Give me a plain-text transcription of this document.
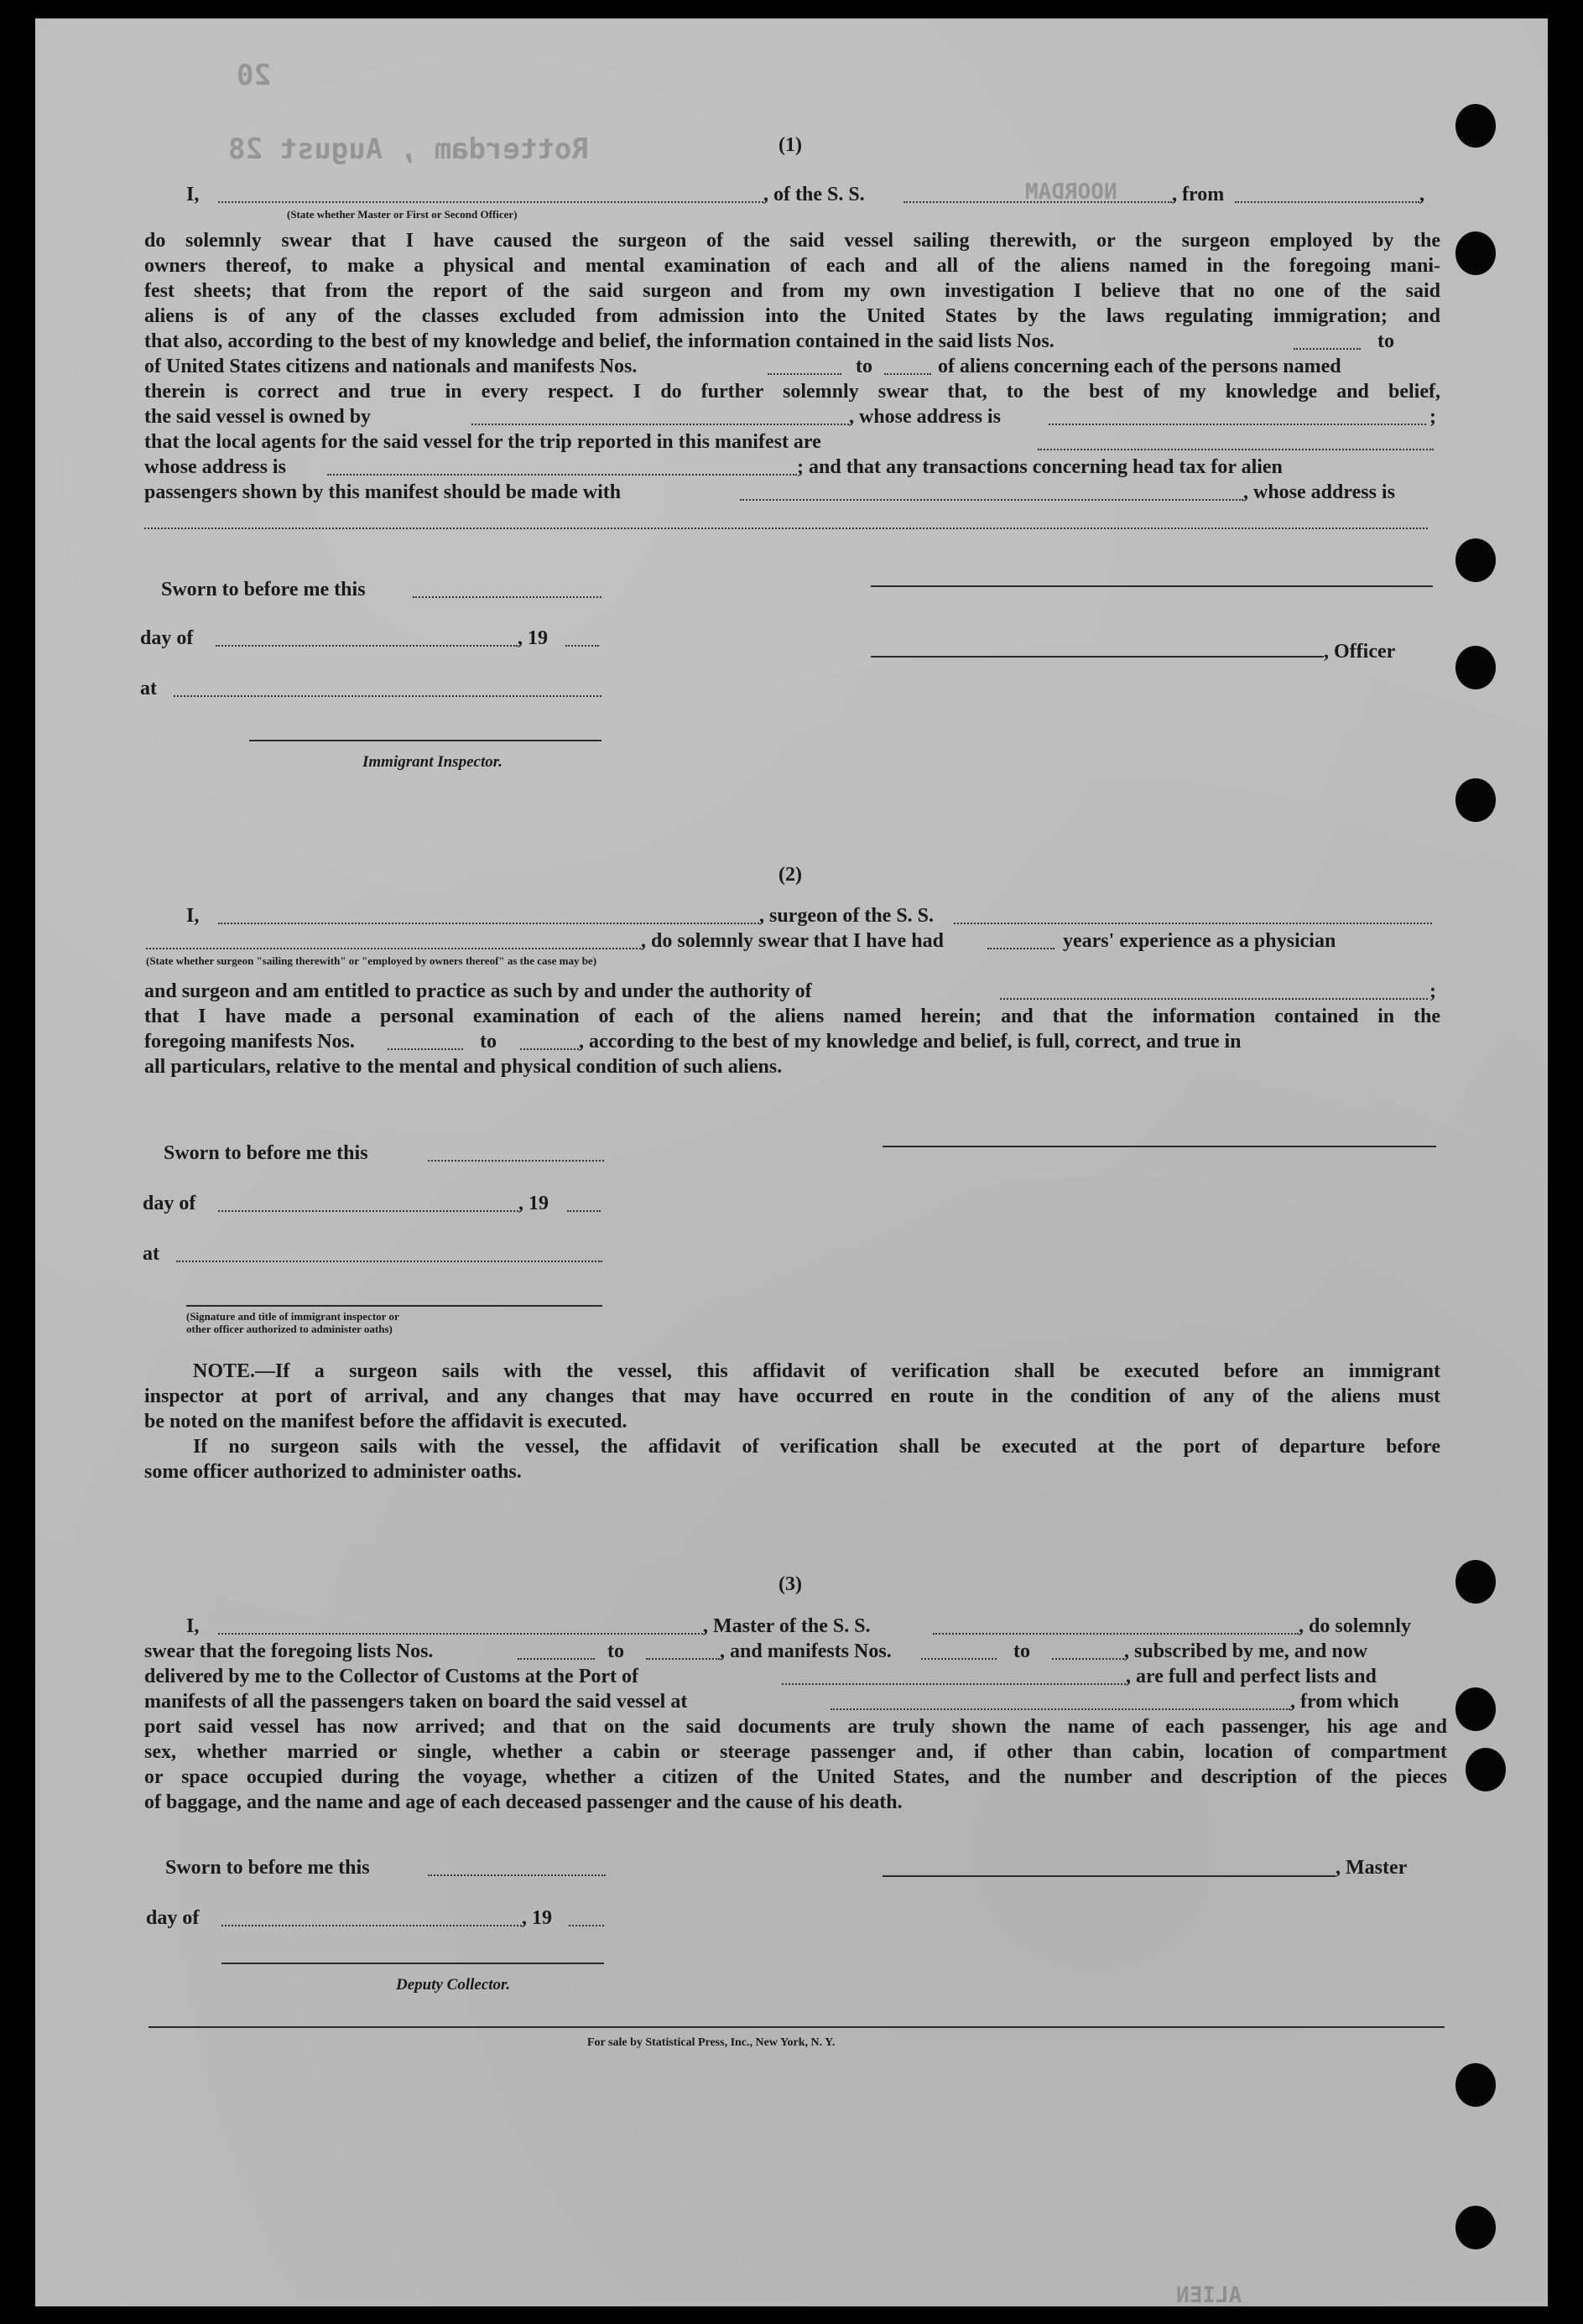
20
Rotterdam , August 28
NOORDAM
(1)
I,	, of the S. S.	, from	,
(State whether Master or First or Second Officer)
do solemnly swear that I have caused the surgeon of the said vessel sailing therewith, or the surgeon employed by the
owners thereof, to make a physical and mental examination of each and all of the aliens named in the foregoing mani-
fest sheets; that from the report of the said surgeon and from my own investigation I believe that no one of the said
aliens is of any of the classes excluded from admission into the United States by the laws regulating immigration; and
that also, according to the best of my knowledge and belief, the information contained in the said lists Nos.	to
of United States citizens and nationals and manifests Nos.	to	of aliens concerning each of the persons named
therein is correct and true in every respect. I do further solemnly swear that, to the best of my knowledge and belief,
the said vessel is owned by	, whose address is	;
that the local agents for the said vessel for the trip reported in this manifest are
whose address is	; and that any transactions concerning head tax for alien
passengers shown by this manifest should be made with	, whose address is
Sworn to before me this
day of	, 19
at
Immigrant Inspector.
, Officer
(2)
I,	, surgeon of the S. S.
, do solemnly swear that I have had	years' experience as a physician
(State whether surgeon "sailing therewith" or "employed by owners thereof" as the case may be)
and surgeon and am entitled to practice as such by and under the authority of	;
that I have made a personal examination of each of the aliens named herein; and that the information contained in the
foregoing manifests Nos.	to	, according to the best of my knowledge and belief, is full, correct, and true in
all particulars, relative to the mental and physical condition of such aliens.
Sworn to before me this
day of	, 19
at
(Signature and title of immigrant inspector or
other officer authorized to administer oaths)
NOTE.—If a surgeon sails with the vessel, this affidavit of verification shall be executed before an immigrant
inspector at port of arrival, and any changes that may have occurred en route in the condition of any of the aliens must
be noted on the manifest before the affidavit is executed.
If no surgeon sails with the vessel, the affidavit of verification shall be executed at the port of departure before
some officer authorized to administer oaths.
(3)
I,	, Master of the S. S.	, do solemnly
swear that the foregoing lists Nos.	to	, and manifests Nos.	to	, subscribed by me, and now
delivered by me to the Collector of Customs at the Port of	, are full and perfect lists and
manifests of all the passengers taken on board the said vessel at	, from which
port said vessel has now arrived; and that on the said documents are truly shown the name of each passenger, his age and
sex, whether married or single, whether a cabin or steerage passenger and, if other than cabin, location of compartment
or space occupied during the voyage, whether a citizen of the United States, and the number and description of the pieces
of baggage, and the name and age of each deceased passenger and the cause of his death.
Sworn to before me this	, Master
day of	, 19
Deputy Collector.
For sale by Statistical Press, Inc., New York, N. Y.
ALIEN
